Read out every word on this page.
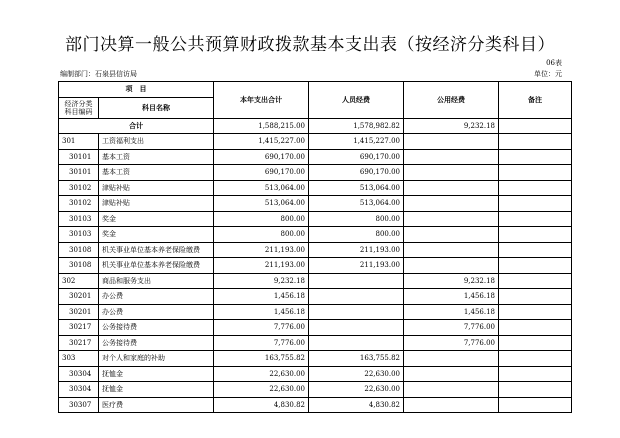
部门决算一般公共预算财政拨款基本支出表（按经济分类科目）
06表
编制部门：石泉县信访局	单位：元
项　目		本年支出合计	人员经费	公用经费	备注
经济分类科目编码	科目名称				
合计		1,588,215.00	1,578,982.82	9,232.18	
301	工资福利支出	1,415,227.00	1,415,227.00		
30101	基本工资	690,170.00	690,170.00		
30101	基本工资	690,170.00	690,170.00		
30102	津贴补贴	513,064.00	513,064.00		
30102	津贴补贴	513,064.00	513,064.00		
30103	奖金	800.00	800.00		
30103	奖金	800.00	800.00		
30108	机关事业单位基本养老保险缴费	211,193.00	211,193.00		
30108	机关事业单位基本养老保险缴费	211,193.00	211,193.00		
302	商品和服务支出	9,232.18		9,232.18	
30201	办公费	1,456.18		1,456.18	
30201	办公费	1,456.18		1,456.18	
30217	公务接待费	7,776.00		7,776.00	
30217	公务接待费	7,776.00		7,776.00	
303	对个人和家庭的补助	163,755.82	163,755.82		
30304	抚恤金	22,630.00	22,630.00		
30304	抚恤金	22,630.00	22,630.00		
30307	医疗费	4,830.82	4,830.82		
